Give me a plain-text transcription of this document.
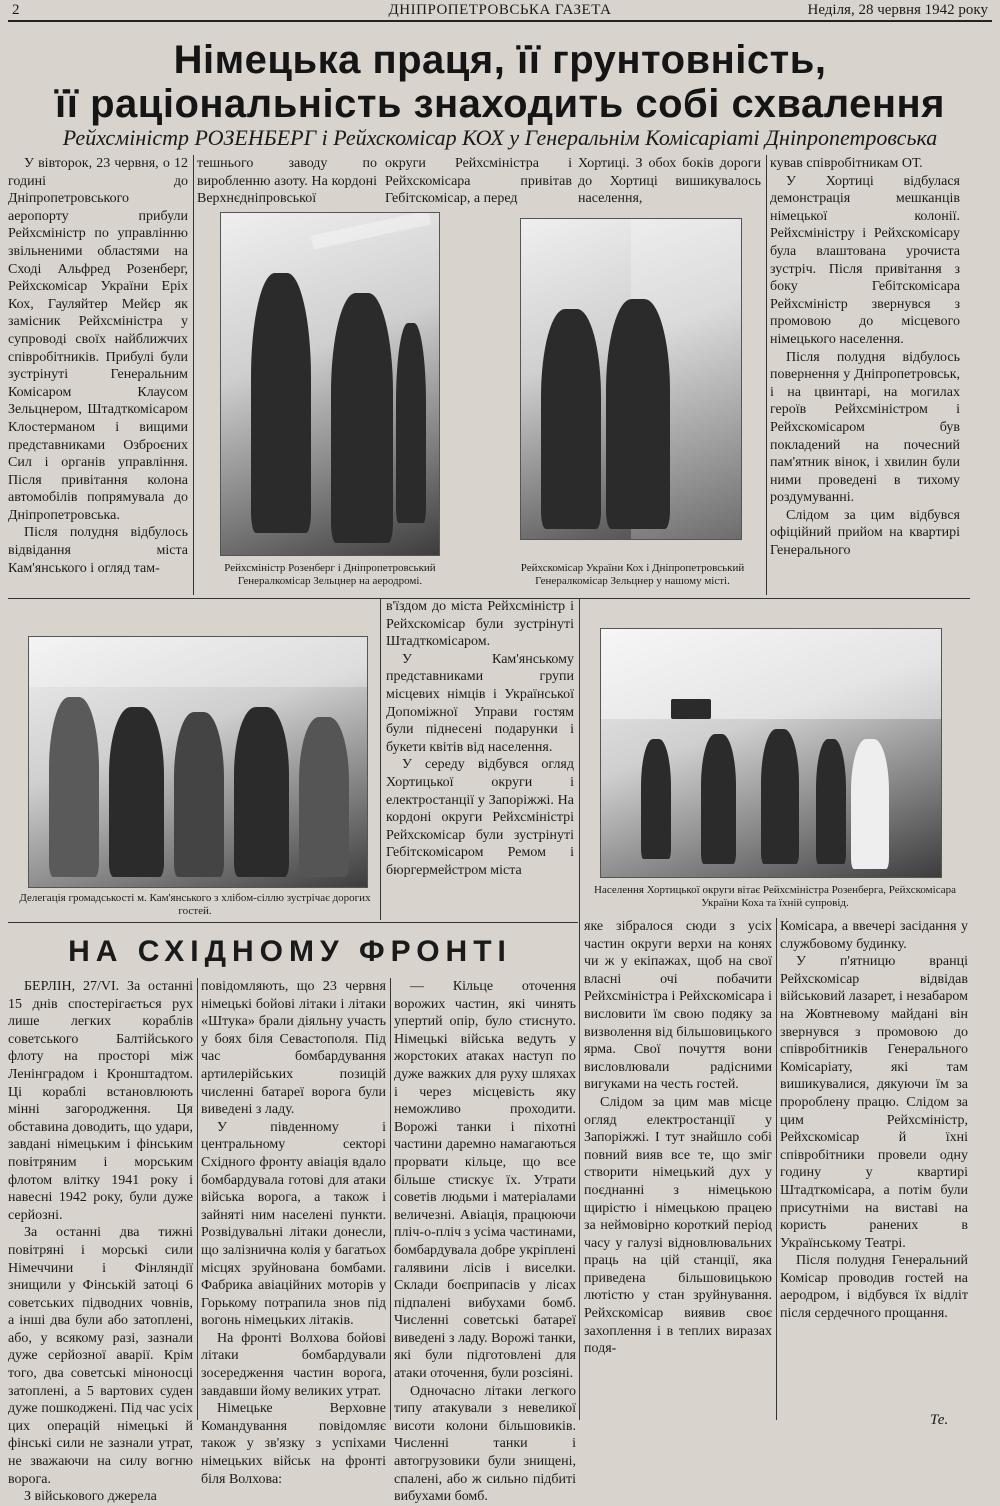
2	ДНІПРОПЕТРОВСЬКА ГАЗЕТА	Неділя, 28 червня 1942 року
Німецька праця, її грунтовність,
її раціональність знаходить собі схвалення
Рейхсміністр РОЗЕНБЕРГ і Рейхскомісар КОХ у Генеральнім Комісаріаті Дніпропетровська

У вівторок, 23 червня, о 12 годині до Дніпропетровського аеропорту прибули Рейхсміністр по управлінню звільненими областями на Сході Альфред Розенберг, Рейхскомісар України Еріх Кох, Гауляйтер Мейєр як замісник Рейхсміністра у супроводі своїх найближчих співробітників. Прибулі були зустрінуті Генеральним Комісаром Клаусом Зельцнером, Штадткомісаром Клостерманом і вищими представниками Озброєних Сил і органів управління. Після привітання колона автомобілів попрямувала до Дніпропетровська.

Після полудня відбулось відвідання міста Кам'янського і огляд там-

тешнього заводу по виробленню азоту. На кордоні Верхнєдніпровської

округи Рейхсміністра і Рейхскомісара привітав Гебітскомісар, а перед

Хортиці. З обох боків дороги до Хортиці вишикувалось населення,

Рейхсміністр Розенберг і Дніпропетровський Генералкомісар Зельцнер на аеродромі.
Рейхскомісар України Кох і Дніпропетровський Генералкомісар Зельцнер у нашому місті.

кував співробітникам ОТ.

У Хортиці відбулася демонстрація мешканців німецької колонії. Рейхсміністру і Рейхскомісару була влаштована урочиста зустріч. Після привітання з боку Гебітскомісара Рейхсміністр звернувся з промовою до місцевого німецького населення.

Після полудня відбулось повернення у Дніпропетровськ, і на цвинтарі, на могилах героїв Рейхсміністром і Рейхскомісаром був покладений на почесний пам'ятник вінок, і хвилин були ними проведені в тихому роздумуванні.

Слідом за цим відбувся офіційний прийом на квартирі Генерального

Делегація громадськості м. Кам'янського з хлібом-сіллю зустрічає дорогих гостей.

в'їздом до міста Рейхсміністр і Рейхскомісар були зустрінуті Штадткомісаром.

У Кам'янському представниками групи місцевих німців і Української Допоміжної Управи гостям були піднесені подарунки і букети квітів від населення.

У середу відбувся огляд Хортицької округи і електростанції у Запоріжжі. На кордоні округи Рейхсміністрі Рейхскомісар були зустрінуті Гебітскомісаром Ремом і бюргермейстром міста

Населення Хортицької округи вітає Рейхсміністра Розенберга, Рейхскомісара України Коха та їхній супровід.
НА СХІДНОМУ ФРОНТІ

БЕРЛІН, 27/VI. За останні 15 днів спостерігається рух лише легких кораблів советського Балтійського флоту на просторі між Ленінградом і Кронштадтом. Ці кораблі встановлюють мінні загородження. Ця обставина доводить, що удари, завдані німецьким і фінським повітряним і морським флотом влітку 1941 року і навесні 1942 року, були дуже серйозні.

За останні два тижні повітряні і морські сили Німеччини і Фінляндії знищили у Фінській затоці 6 советських підводних човнів, а інші два були або затоплені, або, у всякому разі, зазнали дуже серйозної аварії. Крім того, два советські міноносці затоплені, а 5 вартових суден дуже пошкоджені. Під час усіх цих операцій німецькі й фінські сили не зазнали утрат, не зважаючи на силу вогню ворога.

З військового джерела

повідомляють, що 23 червня німецькі бойові літаки і літаки «Штука» брали діяльну участь у боях біля Севастополя. Під час бомбардування артилерійських позицій численні батареї ворога були виведені з ладу.

У південному і центральному секторі Східного фронту авіація вдало бомбардувала готові для атаки війська ворога, а також і зайняті ним населені пункти. Розвідувальні літаки донесли, що залізнична колія у багатьох місцях зруйнована бомбами. Фабрика авіаційних моторів у Горькому потрапила знов під вогонь німецьких літаків.

На фронті Волхова бойові літаки бомбардували зосередження частин ворога, завдавши йому великих утрат.

Німецьке Верховне Командування повідомляє також у зв'язку з успіхами німецьких військ на фронті біля Волхова:

— Кільце оточення ворожих частин, які чинять упертий опір, було стиснуто. Німецькі війська ведуть у жорстоких атаках наступ по дуже важких для руху шляхах і через місцевість яку неможливо проходити. Ворожі танки і піхотні частини даремно намагаються прорвати кільце, що все більше стискує їх. Утрати советів людьми і матеріалами величезні. Авіація, працюючи пліч-о-пліч з усіма частинами, бомбардувала добре укріплені галявини лісів і виселки. Склади боєприпасів у лісах підпалені вибухами бомб. Численні советські батареї виведені з ладу. Ворожі танки, які були підготовлені для атаки оточення, були розсіяні.

Одночасно літаки легкого типу атакували з невеликої висоти колони більшовиків. Численні танки і автогрузовики були знищені, спалені, або ж сильно підбиті вибухами бомб.

яке зібралося сюди з усіх частин округи верхи на конях чи ж у екіпажах, щоб на свої власні очі побачити Рейхсміністра і Рейхскомісара і висловити їм свою подяку за визволення від більшовицького ярма. Свої почуття вони висловлювали радісними вигуками на честь гостей.

Слідом за цим мав місце огляд електростанції у Запоріжжі. І тут знайшло собі повний вияв все те, що зміг створити німецький дух у поєднанні з німецькою щирістю і німецькою працею за неймовірно короткий період часу у галузі відновлювальних праць на цій станції, яка приведена більшовицькою лютістю у стан зруйнування. Рейхскомісар виявив своє захоплення і в теплих виразах подя-

Комісара, а ввечері засідання у службовому будинку.

У п'ятницю вранці Рейхскомісар відвідав військовий лазарет, і незабаром на Жовтневому майдані він звернувся з промовою до співробітників Генерального Комісаріату, які там вишикувалися, дякуючи їм за пророблену працю. Слідом за цим Рейхсміністр, Рейхскомісар й їхні співробітники провели одну годину у квартирі Штадткомісара, а потім були присутніми на виставі на користь ранених в Українському Театрі.

Після полудня Генеральний Комісар проводив гостей на аеродром, і відбувся їх відліт після сердечного прощання.

Те.
